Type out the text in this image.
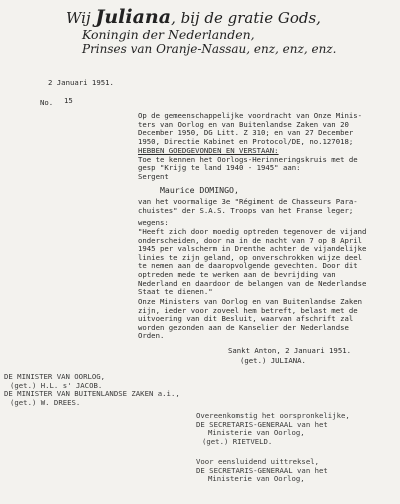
Wij Juliana, bij de gratie Gods,
Koningin der Nederlanden,
Prinses van Oranje-Nassau, enz, enz, enz.
2 Januari 1951.
No. 15
Op de gemeenschappelijke voordracht van Onze Minis-
ters van Oorlog en van Buitenlandse Zaken van 20
December 1950, DG Litt. Z 310; en van 27 December
1950, Directie Kabinet en Protocol/DE, no.127018;
HEBBEN GOEDGEVONDEN EN VERSTAAN:
Toe te kennen het Oorlogs-Herinneringskruis met de
gesp "Krijg te land 1940 - 1945" aan:
Sergent
Maurice DOMINGO,
van het voormalige 3e "Régiment de Chasseurs Para-
chuistes" der S.A.S. Troops van het Franse leger;
wegens:
"Heeft zich door moedig optreden tegenover de vijand
onderscheiden, door na in de nacht van 7 op 8 April
1945 per valscherm in Drenthe achter de vijandelijke
linies te zijn geland, op onverschrokken wijze deel
te nemen aan de daaropvolgende gevechten. Door dit
optreden mede te werken aan de bevrijding van
Nederland en daardoor de belangen van de Nederlandse
Staat te dienen."
Onze Ministers van Oorlog en van Buitenlandse Zaken
zijn, ieder voor zoveel hem betreft, belast met de
uitvoering van dit Besluit, waarvan afschrift zal
worden gezonden aan de Kanselier der Nederlandse
Orden.
Sankt Anton, 2 Januari 1951.
(get.) JULIANA.
DE MINISTER VAN OORLOG,
(get.) H.L. s' JACOB.
DE MINISTER VAN BUITENLANDSE ZAKEN a.i.,
(get.) W. DREES.
Overeenkomstig het oorspronkelijke,
DE SECRETARIS-GENERAAL van het
Ministerie van Oorlog,
(get.) RIETVELD.
Voor eensluidend uittreksel,
DE SECRETARIS-GENERAAL van het
Ministerie van Oorlog,
